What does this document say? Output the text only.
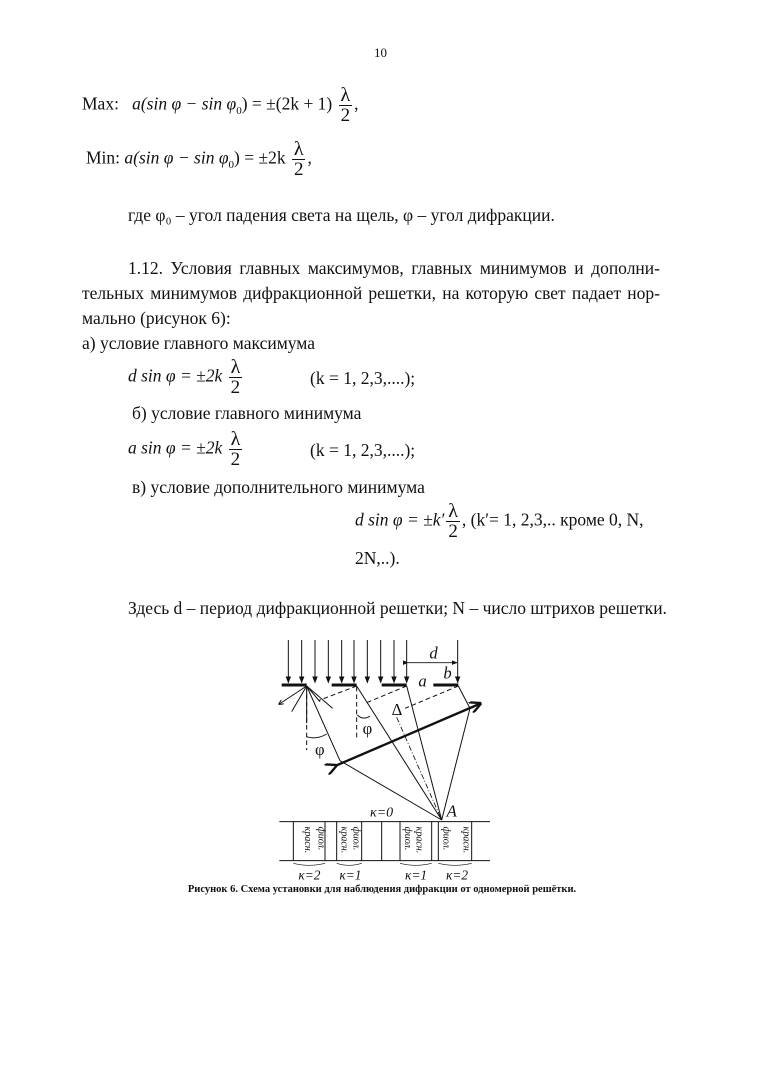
10
Max: a(sin $\varphi - \sin \varphi_0) = \pm(2k + 1) \frac{\lambda}{2}$ ,
Min: a(sin $\varphi - \sin \varphi_0) = \pm 2k \frac{\lambda}{2}$ ,
где φ₀ – угол падения света на щель, φ – угол дифракции.
1.12. Условия главных максимумов, главных минимумов и дополни-
тельных минимумов дифракционной решетки, на которую свет падает нор-
мально (рисунок 6):
а) условие главного максимума
d $\sin \varphi = \pm 2k \frac{\lambda}{2}$	(k = 1, 2,3,....);
б) условие главного минимума
a $\sin \varphi = \pm 2k \frac{\lambda}{2}$	(k = 1, 2,3,....);
в) условие дополнительного минимума
d $\sin \varphi = \pm k' \frac{\lambda}{2}$ , (k′= 1, 2,3,.. кроме 0, N,
2N,..).
Здесь d – период дифракционной решетки; N – число штрихов решетки.
d
a b
Δ
φ
φ
κ=0 A
красн. фиол. красн. фиол. фиол. красн. фиол. красн.
κ=2 κ=1 κ=1 κ=2
Рисунок 6. Схема установки для наблюдения дифракции от одномерной решётки.
